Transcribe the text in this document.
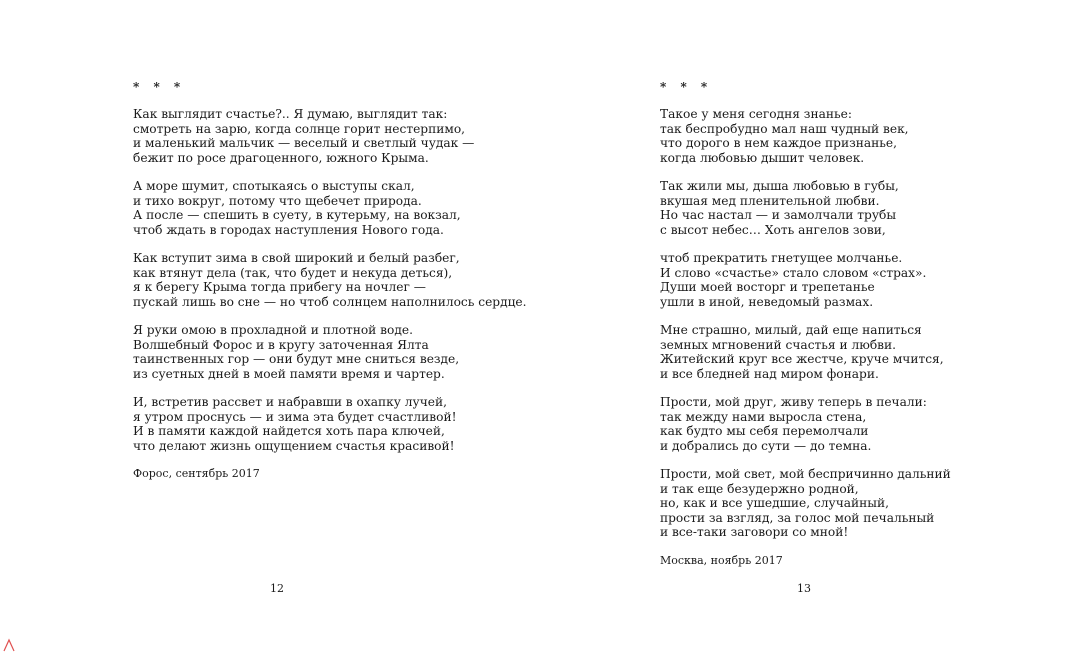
* * *
Как выглядит счастье?.. Я думаю, выглядит так:
смотреть на зарю, когда солнце горит нестерпимо,
и маленький мальчик — веселый и светлый чудак —
бежит по росе драгоценного, южного Крыма.
А море шумит, спотыкаясь о выступы скал,
и тихо вокруг, потому что щебечет природа.
А после — спешить в суету, в кутерьму, на вокзал,
чтоб ждать в городах наступления Нового года.
Как вступит зима в свой широкий и белый разбег,
как втянут дела (так, что будет и некуда деться),
я к берегу Крыма тогда прибегу на ночлег —
пускай лишь во сне — но чтоб солнцем наполнилось сердце.
Я руки омою в прохладной и плотной воде.
Волшебный Форос и в кругу заточенная Ялта
таинственных гор — они будут мне сниться везде,
из суетных дней в моей памяти время и чартер.
И, встретив рассвет и набравши в охапку лучей,
я утром проснусь — и зима эта будет счастливой!
И в памяти каждой найдется хоть пара ключей,
что делают жизнь ощущением счастья красивой!
Форос, сентябрь 2017
12
* * *
Такое у меня сегодня знанье:
так беспробудно мал наш чудный век,
что дорого в нем каждое признанье,
когда любовью дышит человек.
Так жили мы, дыша любовью в губы,
вкушая мед пленительной любви.
Но час настал — и замолчали трубы
с высот небес… Хоть ангелов зови,
чтоб прекратить гнетущее молчанье.
И слово «счастье» стало словом «страх».
Души моей восторг и трепетанье
ушли в иной, неведомый размах.
Мне страшно, милый, дай еще напиться
земных мгновений счастья и любви.
Житейский круг все жестче, круче мчится,
и все бледней над миром фонари.
Прости, мой друг, живу теперь в печали:
так между нами выросла стена,
как будто мы себя перемолчали
и добрались до сути — до темна.
Прости, мой свет, мой беспричинно дальний
и так еще безудержно родной,
но, как и все ушедшие, случайный,
прости за взгляд, за голос мой печальный
и все-таки заговори со мной!
Москва, ноябрь 2017
13
